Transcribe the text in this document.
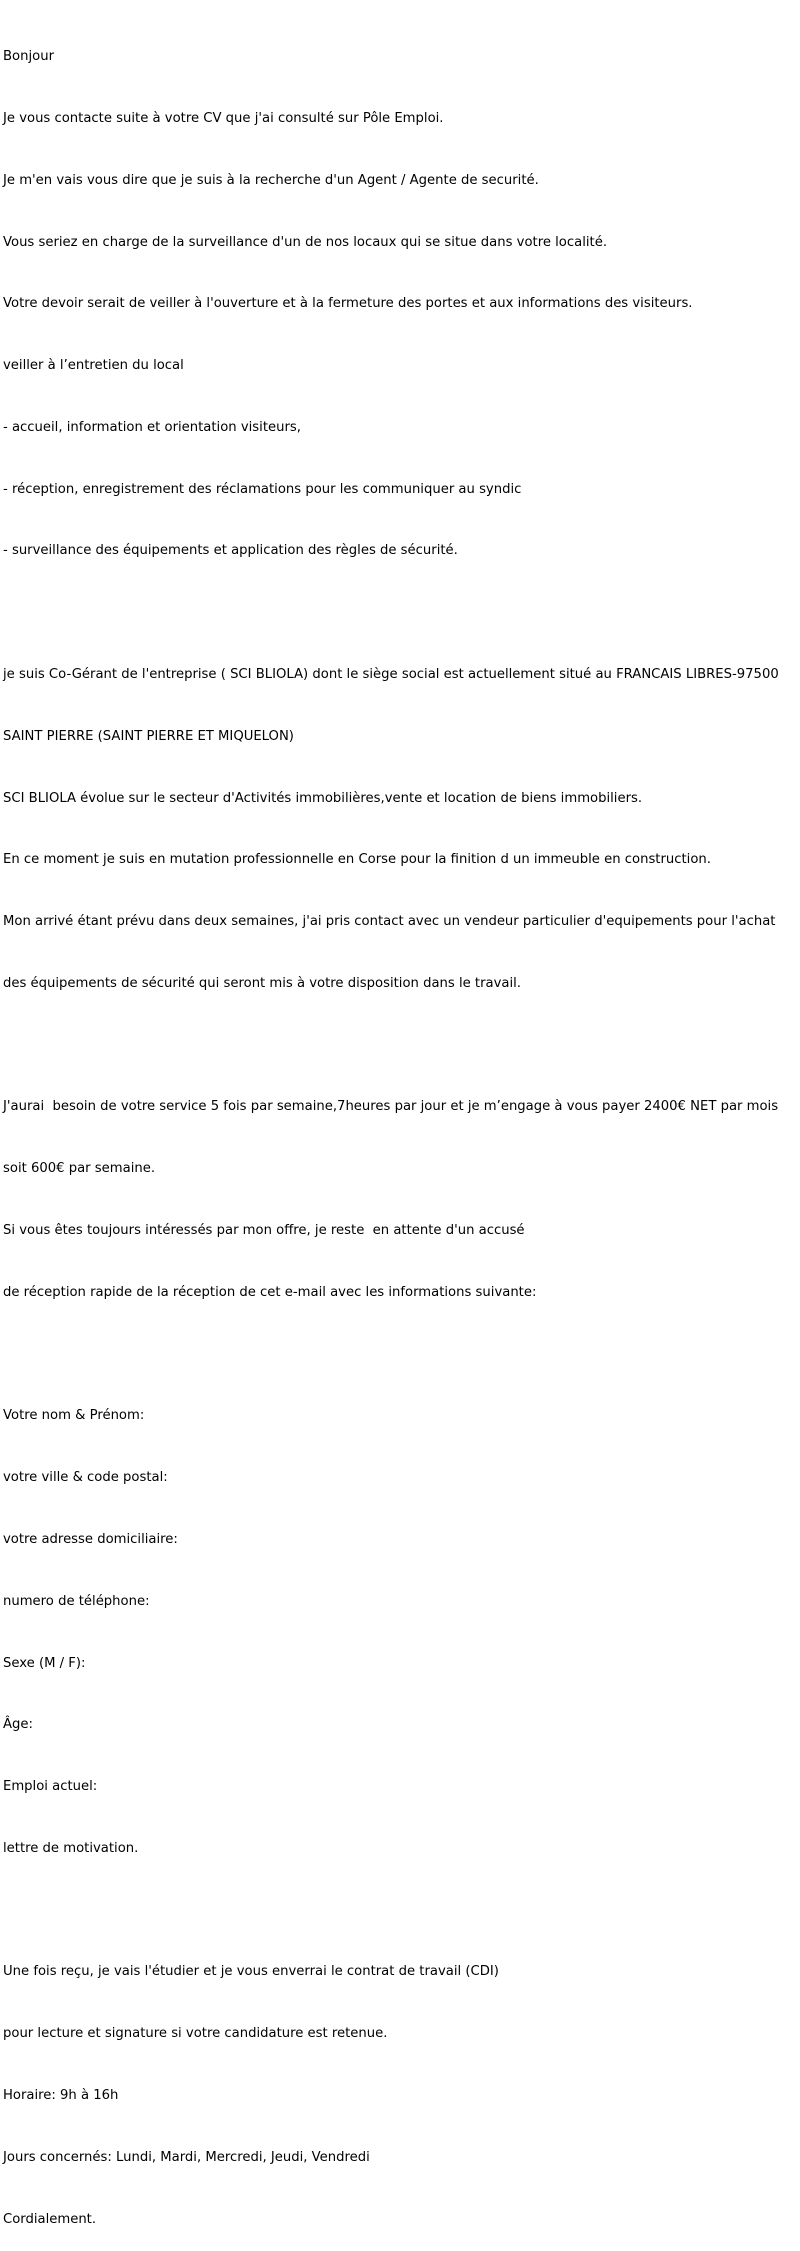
Bonjour

Je vous contacte suite à votre CV que j'ai consulté sur Pôle Emploi.

Je m'en vais vous dire que je suis à la recherche d'un Agent / Agente de securité.

Vous seriez en charge de la surveillance d'un de nos locaux qui se situe dans votre localité.

Votre devoir serait de veiller à l'ouverture et à la fermeture des portes et aux informations des visiteurs.

veiller à l’entretien du local

- accueil, information et orientation visiteurs,

- réception, enregistrement des réclamations pour les communiquer au syndic

- surveillance des équipements et application des règles de sécurité.

je suis Co-Gérant de l'entreprise ( SCI BLIOLA) dont le siège social est actuellement situé au FRANCAIS LIBRES-97500

SAINT PIERRE (SAINT PIERRE ET MIQUELON)

SCI BLIOLA évolue sur le secteur d'Activités immobilières,vente et location de biens immobiliers.

En ce moment je suis en mutation professionnelle en Corse pour la finition d un immeuble en construction.

Mon arrivé étant prévu dans deux semaines, j'ai pris contact avec un vendeur particulier d'equipements pour l'achat

des équipements de sécurité qui seront mis à votre disposition dans le travail.

J'aurai  besoin de votre service 5 fois par semaine,7heures par jour et je m’engage à vous payer 2400€ NET par mois

soit 600€ par semaine.

Si vous êtes toujours intéressés par mon offre, je reste  en attente d'un accusé

de réception rapide de la réception de cet e-mail avec les informations suivante:

Votre nom & Prénom:

votre ville & code postal:

votre adresse domiciliaire:

numero de téléphone:

Sexe (M / F):

Âge:

Emploi actuel:

lettre de motivation.

Une fois reçu, je vais l'étudier et je vous enverrai le contrat de travail (CDI)

pour lecture et signature si votre candidature est retenue.

Horaire: 9h à 16h

Jours concernés: Lundi, Mardi, Mercredi, Jeudi, Vendredi

Cordialement.
